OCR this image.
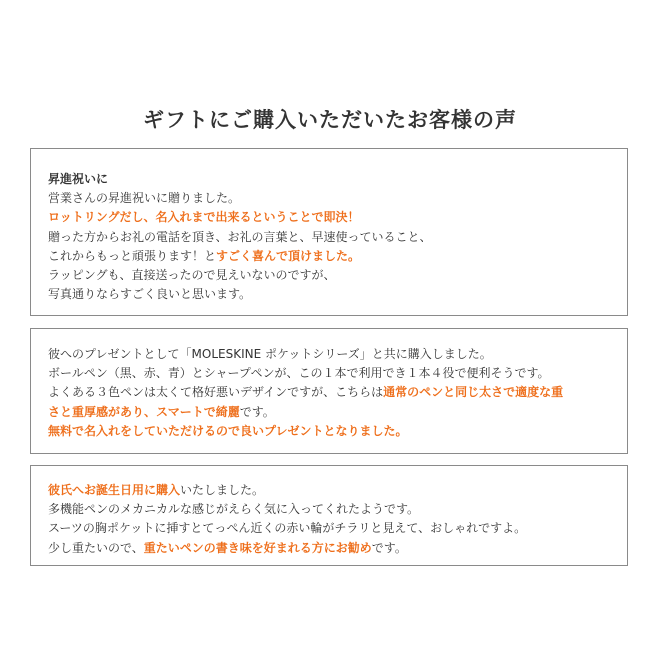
ギフトにご購入いただいたお客様の声
昇進祝いに
営業さんの昇進祝いに贈りました。
ロットリングだし、名入れまで出来るということで即決！
贈った方からお礼の電話を頂き、お礼の言葉と、早速使っていること、
これからもっと頑張ります！とすごく喜んで頂けました。
ラッピングも、直接送ったので見えいないのですが、
写真通りならすごく良いと思います。
彼へのプレゼントとして「MOLESKINE ポケットシリーズ」と共に購入しました。
ボールペン（黒、赤、青）とシャープペンが、この１本で利用でき１本４役で便利そうです。
よくある３色ペンは太くて格好悪いデザインですが、こちらは通常のペンと同じ太さで適度な重
さと重厚感があり、スマートで綺麗です。
無料で名入れをしていただけるので良いプレゼントとなりました。
彼氏へお誕生日用に購入いたしました。
多機能ペンのメカニカルな感じがえらく気に入ってくれたようです。
スーツの胸ポケットに挿すとてっぺん近くの赤い輪がチラリと見えて、おしゃれですよ。
少し重たいので、重たいペンの書き味を好まれる方にお勧めです。
